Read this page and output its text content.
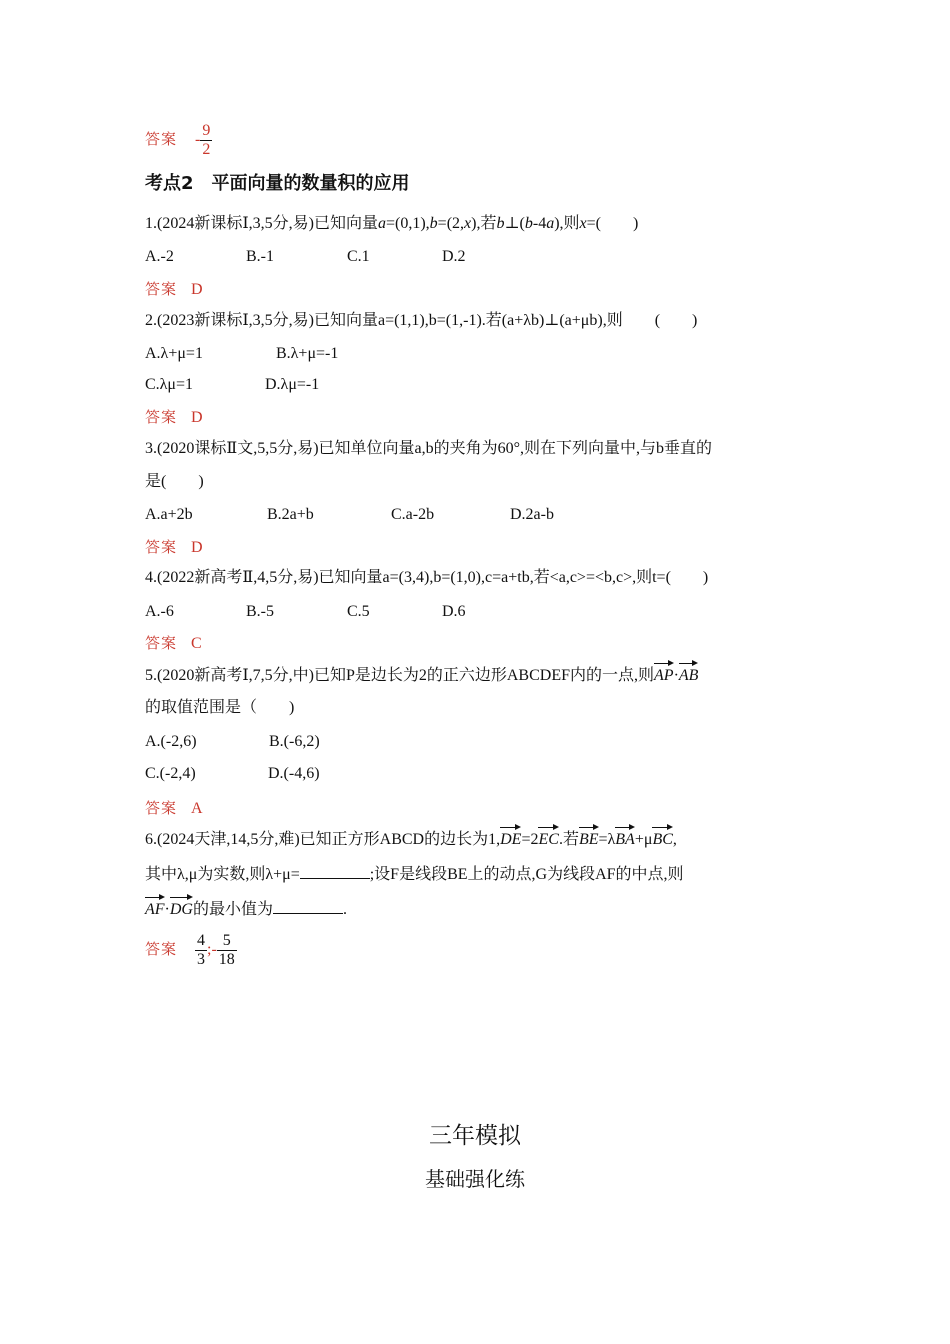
答案 - $\frac{9}{2}$
考点2　平面向量的数量积的应用
1.(2024新课标Ⅰ,3,5分,易)已知向量a=(0,1),b=(2,x),若b⊥(b-4a),则x=(　　)
A.-2	B.-1	C.1	D.2
答案 D
2.(2023新课标Ⅰ,3,5分,易)已知向量a=(1,1),b=(1,-1).若(a+λb)⊥(a+μb),则　　(　　)
A.λ+μ=1	B.λ+μ=-1
C.λμ=1	D.λμ=-1
答案 D
3.(2020课标Ⅱ文,5,5分,易)已知单位向量a,b的夹角为60°,则在下列向量中,与b垂直的
是(　　)
A.a+2b	B.2a+b	C.a-2b	D.2a-b
答案 D
4.(2022新高考Ⅱ,4,5分,易)已知向量a=(3,4),b=(1,0),c=a+tb,若<a,c>=<b,c>,则t=(　　)
A.-6	B.-5	C.5	D.6
答案 C
5.(2020新高考Ⅰ,7,5分,中)已知P是边长为2的正六边形ABCDEF内的一点,则AP·AB
的取值范围是（　　)
A.(-2,6)	B.(-6,2)
C.(-2,4)	D.(-4,6)
答案 A
6.(2024天津,14,5分,难)已知正方形ABCD的边长为1,DE=2EC.若BE=λBA+μBC,
其中λ,μ为实数,则λ+μ=	;设F是线段BE上的动点,G为线段AF的中点,则
AF·DG的最小值为	.
答案 $\frac{4}{3}$ ;- $\frac{5}{18}$
三年模拟
基础强化练
